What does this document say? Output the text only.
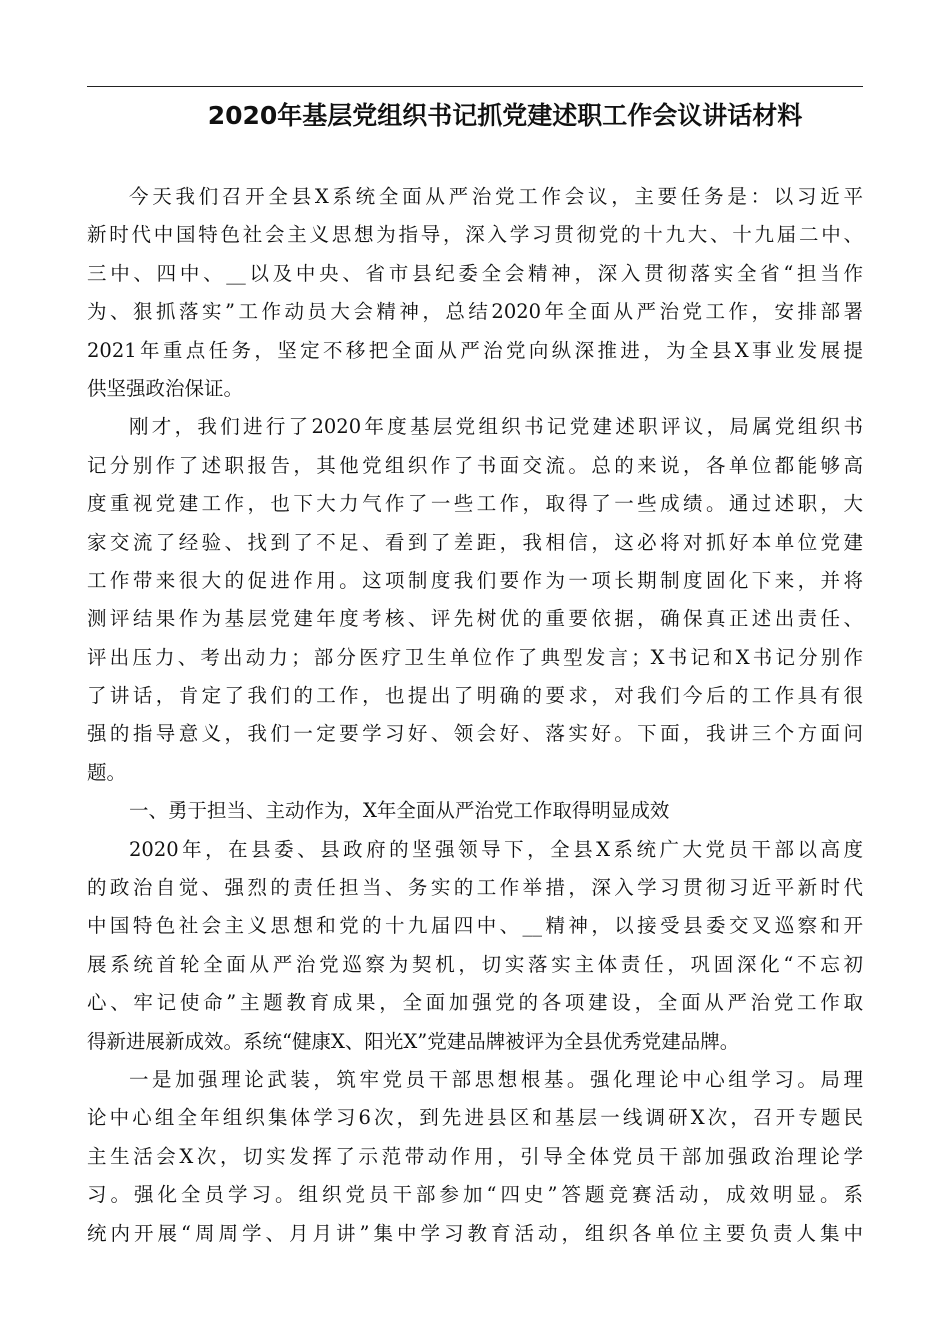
2020年基层党组织书记抓党建述职工作会议讲话材料
今天我们召开全县X系统全面从严治党工作会议，主要任务是：以习近平
新时代中国特色社会主义思想为指导，深入学习贯彻党的十九大、十九届二中、
三中、四中、__以及中央、省市县纪委全会精神，深入贯彻落实全省“担当作
为、狠抓落实”工作动员大会精神，总结2020年全面从严治党工作，安排部署
2021年重点任务，坚定不移把全面从严治党向纵深推进，为全县X事业发展提
供坚强政治保证。
刚才，我们进行了2020年度基层党组织书记党建述职评议，局属党组织书
记分别作了述职报告，其他党组织作了书面交流。总的来说，各单位都能够高
度重视党建工作，也下大力气作了一些工作，取得了一些成绩。通过述职，大
家交流了经验、找到了不足、看到了差距，我相信，这必将对抓好本单位党建
工作带来很大的促进作用。这项制度我们要作为一项长期制度固化下来，并将
测评结果作为基层党建年度考核、评先树优的重要依据，确保真正述出责任、
评出压力、考出动力；部分医疗卫生单位作了典型发言；X书记和X书记分别作
了讲话，肯定了我们的工作，也提出了明确的要求，对我们今后的工作具有很
强的指导意义，我们一定要学习好、领会好、落实好。下面，我讲三个方面问
题。
一、勇于担当、主动作为，X年全面从严治党工作取得明显成效
2020年，在县委、县政府的坚强领导下，全县X系统广大党员干部以高度
的政治自觉、强烈的责任担当、务实的工作举措，深入学习贯彻习近平新时代
中国特色社会主义思想和党的十九届四中、__精神，以接受县委交叉巡察和开
展系统首轮全面从严治党巡察为契机，切实落实主体责任，巩固深化“不忘初
心、牢记使命”主题教育成果，全面加强党的各项建设，全面从严治党工作取
得新进展新成效。系统“健康X、阳光X”党建品牌被评为全县优秀党建品牌。
一是加强理论武装，筑牢党员干部思想根基。强化理论中心组学习。局理
论中心组全年组织集体学习6次，到先进县区和基层一线调研X次，召开专题民
主生活会X次，切实发挥了示范带动作用，引导全体党员干部加强政治理论学
习。强化全员学习。组织党员干部参加“四史”答题竞赛活动，成效明显。系
统内开展“周周学、月月讲”集中学习教育活动，组织各单位主要负责人集中
